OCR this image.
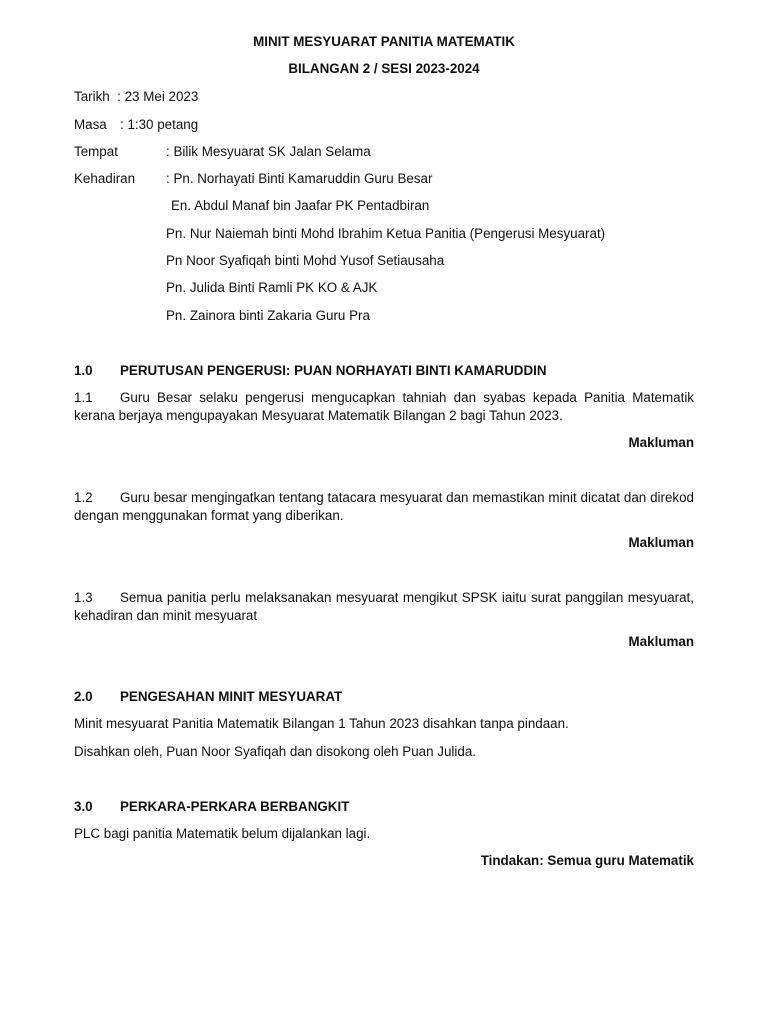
MINIT MESYUARAT PANITIA MATEMATIK
BILANGAN 2 / SESI 2023-2024
Tarikh : 23 Mei 2023
Masa : 1:30 petang
Tempat	: Bilik Mesyuarat SK Jalan Selama
Kehadiran : Pn. Norhayati Binti Kamaruddin Guru Besar
En. Abdul Manaf bin Jaafar PK Pentadbiran
Pn. Nur Naiemah binti Mohd Ibrahim Ketua Panitia (Pengerusi Mesyuarat)
Pn Noor Syafiqah binti Mohd Yusof Setiausaha
Pn. Julida Binti Ramli PK KO & AJK
Pn. Zainora binti Zakaria Guru Pra
1.0 PERUTUSAN PENGERUSI: PUAN NORHAYATI BINTI KAMARUDDIN
1.1 Guru Besar selaku pengerusi mengucapkan tahniah dan syabas kepada Panitia Matematik kerana berjaya mengupayakan Mesyuarat Matematik Bilangan 2 bagi Tahun 2023.
Makluman
1.2 Guru besar mengingatkan tentang tatacara mesyuarat dan memastikan minit dicatat dan direkod dengan menggunakan format yang diberikan.
Makluman
1.3 Semua panitia perlu melaksanakan mesyuarat mengikut SPSK iaitu surat panggilan mesyuarat, kehadiran dan minit mesyuarat
Makluman
2.0 PENGESAHAN MINIT MESYUARAT
Minit mesyuarat Panitia Matematik Bilangan 1 Tahun 2023 disahkan tanpa pindaan.
Disahkan oleh, Puan Noor Syafiqah dan disokong oleh Puan Julida.
3.0 PERKARA-PERKARA BERBANGKIT
PLC bagi panitia Matematik belum dijalankan lagi.
Tindakan: Semua guru Matematik
